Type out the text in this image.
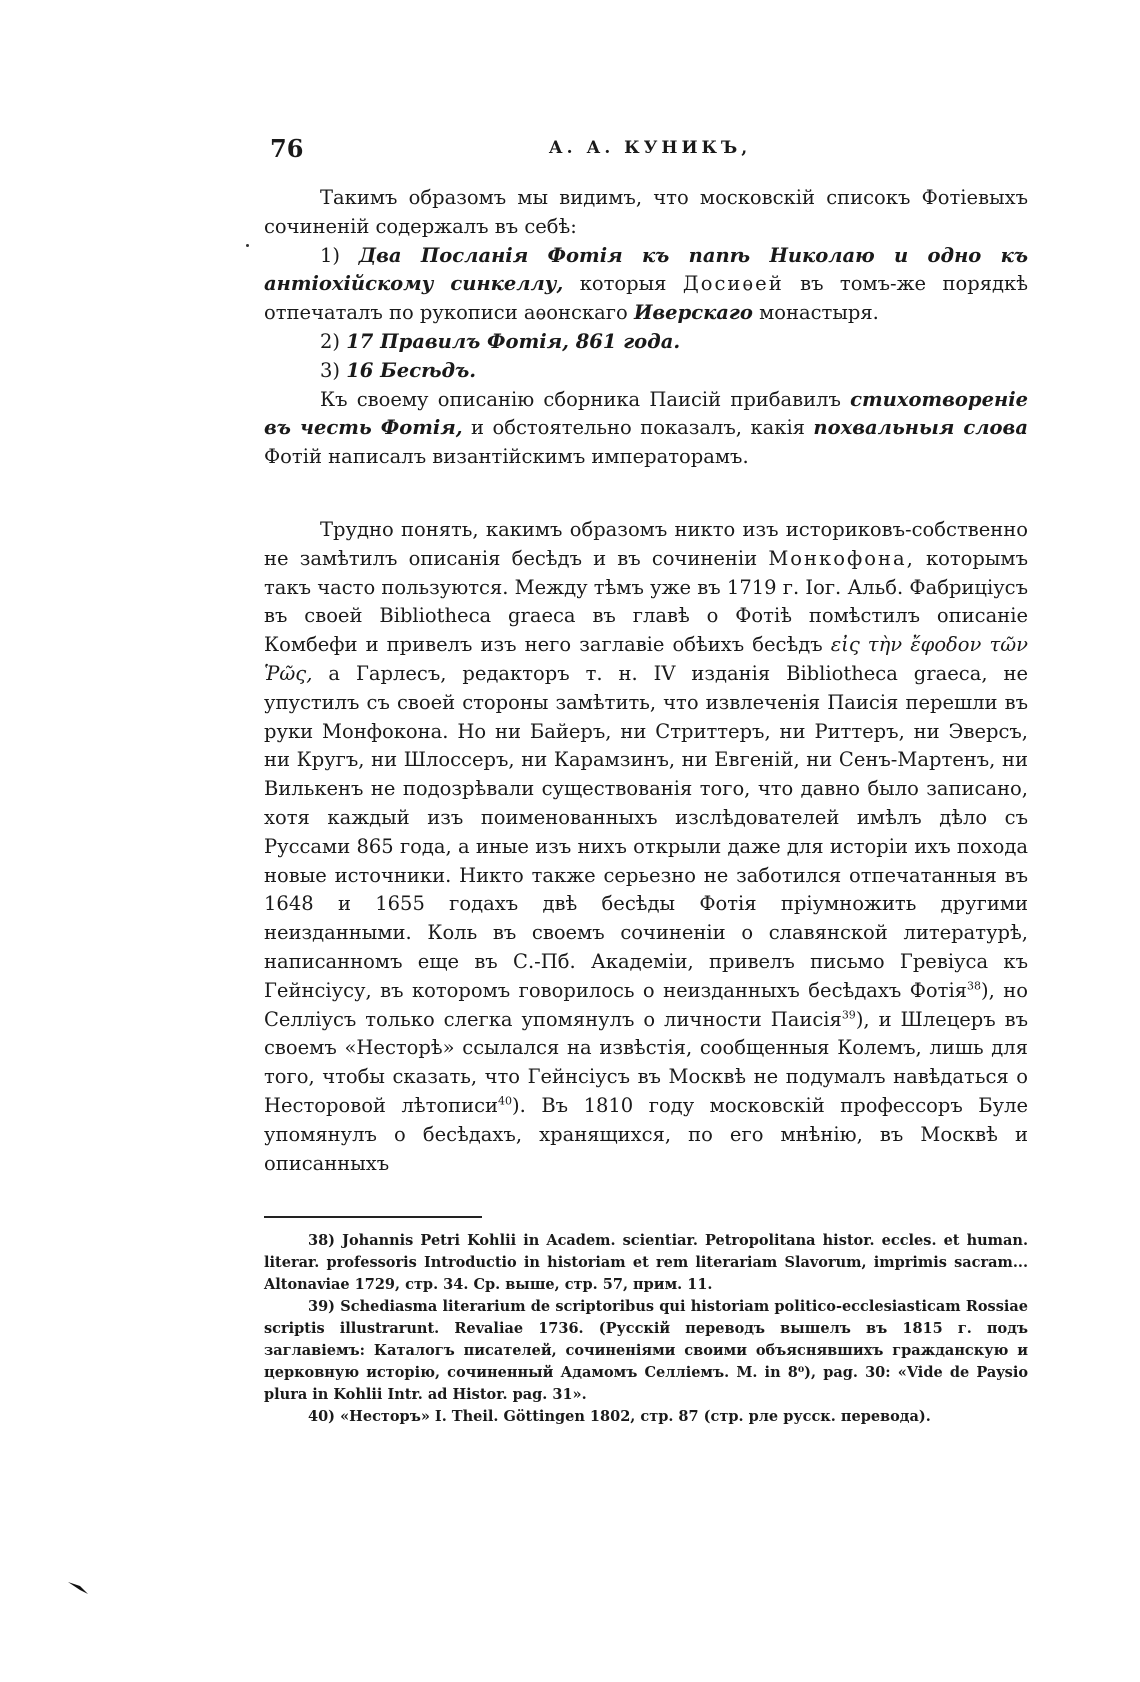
76	А. А. КУНИКЪ,

Такимъ образомъ мы видимъ, что московскій списокъ Фотіевыхъ сочиненій содержалъ въ себѣ:

1) Два Посланія Фотія къ папѣ Николаю и одно къ антіохійскому синкеллу, которыя Досиѳей въ томъ-же порядкѣ отпечаталъ по рукописи аѳонскаго Иверскаго монастыря.

2) 17 Правилъ Фотія, 861 года.

3) 16 Бесѣдъ.

Къ своему описанію сборника Паисій прибавилъ стихотвореніе въ честь Фотія, и обстоятельно показалъ, какія похвальныя слова Фотій написалъ византійскимъ императорамъ.

Трудно понять, какимъ образомъ никто изъ историковъ-собственно не замѣтилъ описанія бесѣдъ и въ сочиненіи Монкофона, которымъ такъ часто пользуются. Между тѣмъ уже въ 1719 г. Іог. Альб. Фабриціусъ въ своей Bibliotheca graeca въ главѣ о Фотіѣ помѣстилъ описаніе Комбефи и привелъ изъ него заглавіе обѣихъ бесѣдъ εἰς τὴν ἔφοδον τῶν Ῥῶς, а Гарлесъ, редакторъ т. н. IV изданія Bibliotheca graeca, не упустилъ съ своей стороны замѣтить, что извлеченія Паисія перешли въ руки Монфокона. Но ни Байеръ, ни Стриттеръ, ни Риттеръ, ни Эверсъ, ни Кругъ, ни Шлоссеръ, ни Карамзинъ, ни Евгеній, ни Сенъ-Мартенъ, ни Вилькенъ не подозрѣвали существованія того, что давно было записано, хотя каждый изъ поименованныхъ изслѣдователей имѣлъ дѣло съ Руссами 865 года, а иные изъ нихъ открыли даже для исторіи ихъ похода новые источники. Никто также серьезно не заботился отпечатанныя въ 1648 и 1655 годахъ двѣ бесѣды Фотія пріумножить другими неизданными. Коль въ своемъ сочиненіи о славянской литературѣ, написанномъ еще въ С.-Пб. Академіи, привелъ письмо Гревіуса къ Гейнсіусу, въ которомъ говорилось о неизданныхъ бесѣдахъ Фотія$^{38}$), но Селліусъ только слегка упомянулъ о личности Паисія$^{39}$), и Шлецеръ въ своемъ «Несторѣ» ссылался на извѣстія, сообщенныя Колемъ, лишь для того, чтобы сказать, что Гейнсіусъ въ Москвѣ не подумалъ навѣдаться о Несторовой лѣтописи$^{40}$). Въ 1810 году московскій профессоръ Буле упомянулъ о бесѣдахъ, хранящихся, по его мнѣнію, въ Москвѣ и описанныхъ

38) Johannis Petri Kohlii in Academ. scientiar. Petropolitana histor. eccles. et human. literar. professoris Introductio in historiam et rem literariam Slavorum, imprimis sacram... Altonaviae 1729, стр. 34. Ср. выше, стр. 57, прим. 11.

39) Schediasma literarium de scriptoribus qui historiam politico-ecclesiasticam Rossiae scriptis illustrarunt. Revaliae 1736. (Русскій переводъ вышелъ въ 1815 г. подъ заглавіемъ: Каталогъ писателей, сочиненіями своими объяснявшихъ гражданскую и церковную исторію, сочиненный Адамомъ Селліемъ. М. in 8⁰), pag. 30: «Vide de Paysio plura in Kohlii Intr. ad Histor. pag. 31».

40) «Несторъ» I. Theil. Göttingen 1802, стр. 87 (стр. рле русск. перевода).
